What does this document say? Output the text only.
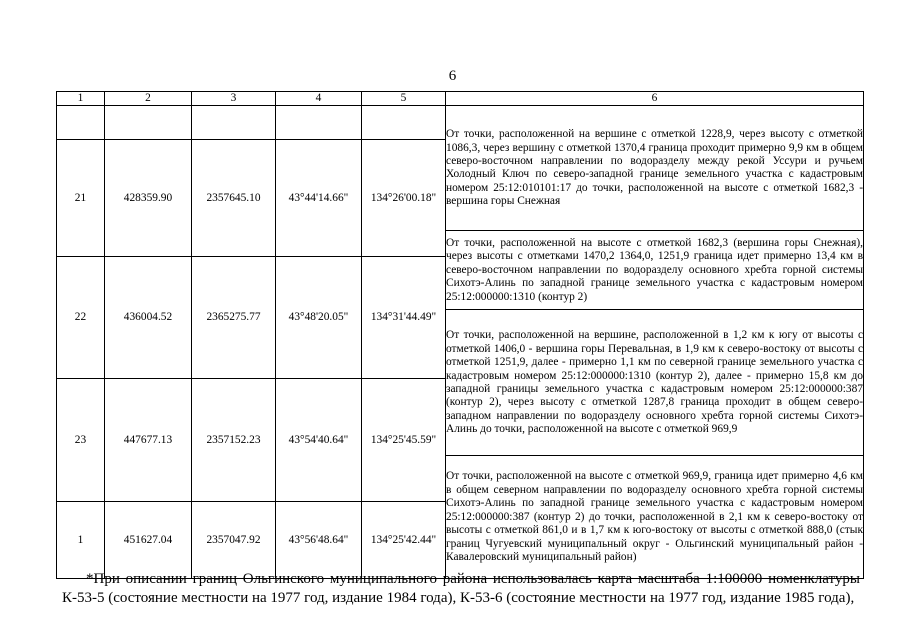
6
1	2	3	4	5	6
					От точки, расположенной на вершине с отметкой 1228,9, через высоту с отметкой 1086,3, через вершину с отметкой 1370,4 граница проходит примерно 9,9 км в общем северо-восточном направлении по водоразделу между рекой Уссури и ручьем Холодный Ключ по северо-западной границе земельного участка с кадастровым номером 25:12:010101:17 до точки, расположенной на высоте с отметкой 1682,3 - вершина горы Снежная
21	428359.90	2357645.10	43°44'14.66"	134°26'00.18"	
					От точки, расположенной на высоте с отметкой 1682,3 (вершина горы Снежная), через высоты с отметками 1470,2 1364,0, 1251,9 граница идет примерно 13,4 км в северо-восточном направлении по водоразделу основного хребта горной системы Сихотэ-Алинь по западной границе земельного участка с кадастровым номером 25:12:000000:1310 (контур 2)
22	436004.52	2365275.77	43°48'20.05"	134°31'44.49"	
					От точки, расположенной на вершине, расположенной в 1,2 км к югу от высоты с отметкой 1406,0 - вершина горы Перевальная, в 1,9 км к северо-востоку от высоты с отметкой 1251,9, далее - примерно 1,1 км по северной границе земельного участка с кадастровым номером 25:12:000000:1310 (контур 2), далее - примерно 15,8 км до западной границы земельного участка с кадастровым номером 25:12:000000:387 (контур 2), через высоту с отметкой 1287,8 граница проходит в общем северо-западном направлении по водоразделу основного хребта горной системы Сихотэ-Алинь до точки, расположенной на высоте с отметкой 969,9
23	447677.13	2357152.23	43°54'40.64"	134°25'45.59"	
					От точки, расположенной на высоте с отметкой 969,9, граница идет примерно 4,6 км в общем северном направлении по водоразделу основного хребта горной системы Сихотэ-Алинь по западной границе земельного участка с кадастровым номером 25:12:000000:387 (контур 2) до точки, расположенной в 2,1 км к северо-востоку от высоты с отметкой 861,0 и в 1,7 км к юго-востоку от высоты с отметкой 888,0 (стык границ Чугуевский муниципальный округ - Ольгинский муниципальный район - Кавалеровский муниципальный район)
1	451627.04	2357047.92	43°56'48.64"	134°25'42.44"	
*При описании границ Ольгинского муниципального района использовалась карта масштаба 1:100000 номенклатуры К-53-5 (состояние местности на 1977 год, издание 1984 года), К-53-6 (состояние местности на 1977 год, издание 1985 года),
